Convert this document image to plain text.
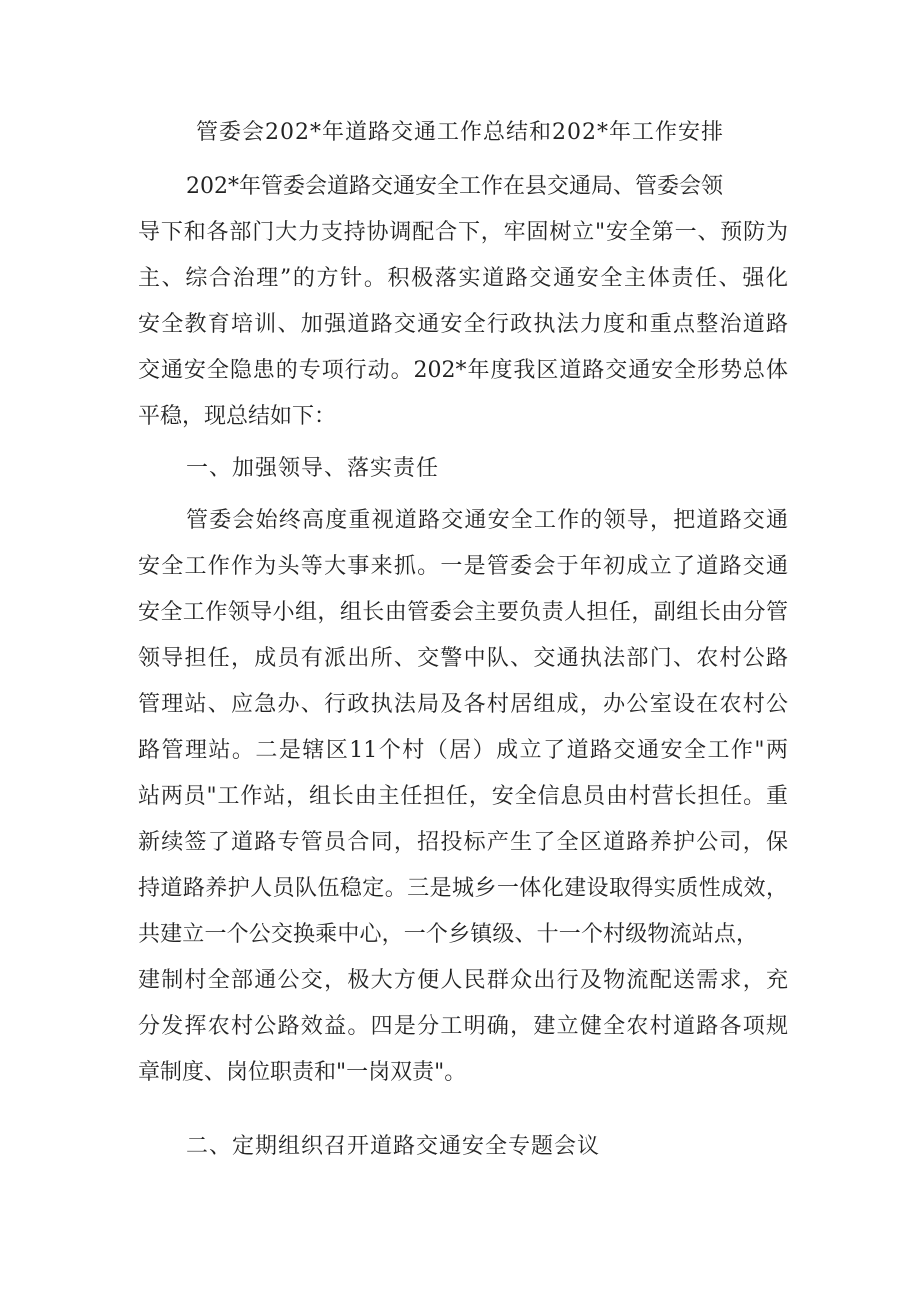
管委会202*年道路交通工作总结和202*年工作安排
202*年管委会道路交通安全工作在县交通局、管委会领
导下和各部门大力支持协调配合下，牢固树立"安全第一、预防为
主、综合治理”的方针。积极落实道路交通安全主体责任、强化
安全教育培训、加强道路交通安全行政执法力度和重点整治道路
交通安全隐患的专项行动。202*年度我区道路交通安全形势总体
平稳，现总结如下：
一、加强领导、落实责任
管委会始终高度重视道路交通安全工作的领导，把道路交通
安全工作作为头等大事来抓。一是管委会于年初成立了道路交通
安全工作领导小组，组长由管委会主要负责人担任，副组长由分管
领导担任，成员有派出所、交警中队、交通执法部门、农村公路
管理站、应急办、行政执法局及各村居组成，办公室设在农村公
路管理站。二是辖区11个村（居）成立了道路交通安全工作"两
站两员"工作站，组长由主任担任，安全信息员由村营长担任。重
新续签了道路专管员合同，招投标产生了全区道路养护公司，保
持道路养护人员队伍稳定。三是城乡一体化建设取得实质性成效，
共建立一个公交换乘中心，一个乡镇级、十一个村级物流站点，
建制村全部通公交，极大方便人民群众出行及物流配送需求，充
分发挥农村公路效益。四是分工明确，建立健全农村道路各项规
章制度、岗位职责和"一岗双责"。
二、定期组织召开道路交通安全专题会议
